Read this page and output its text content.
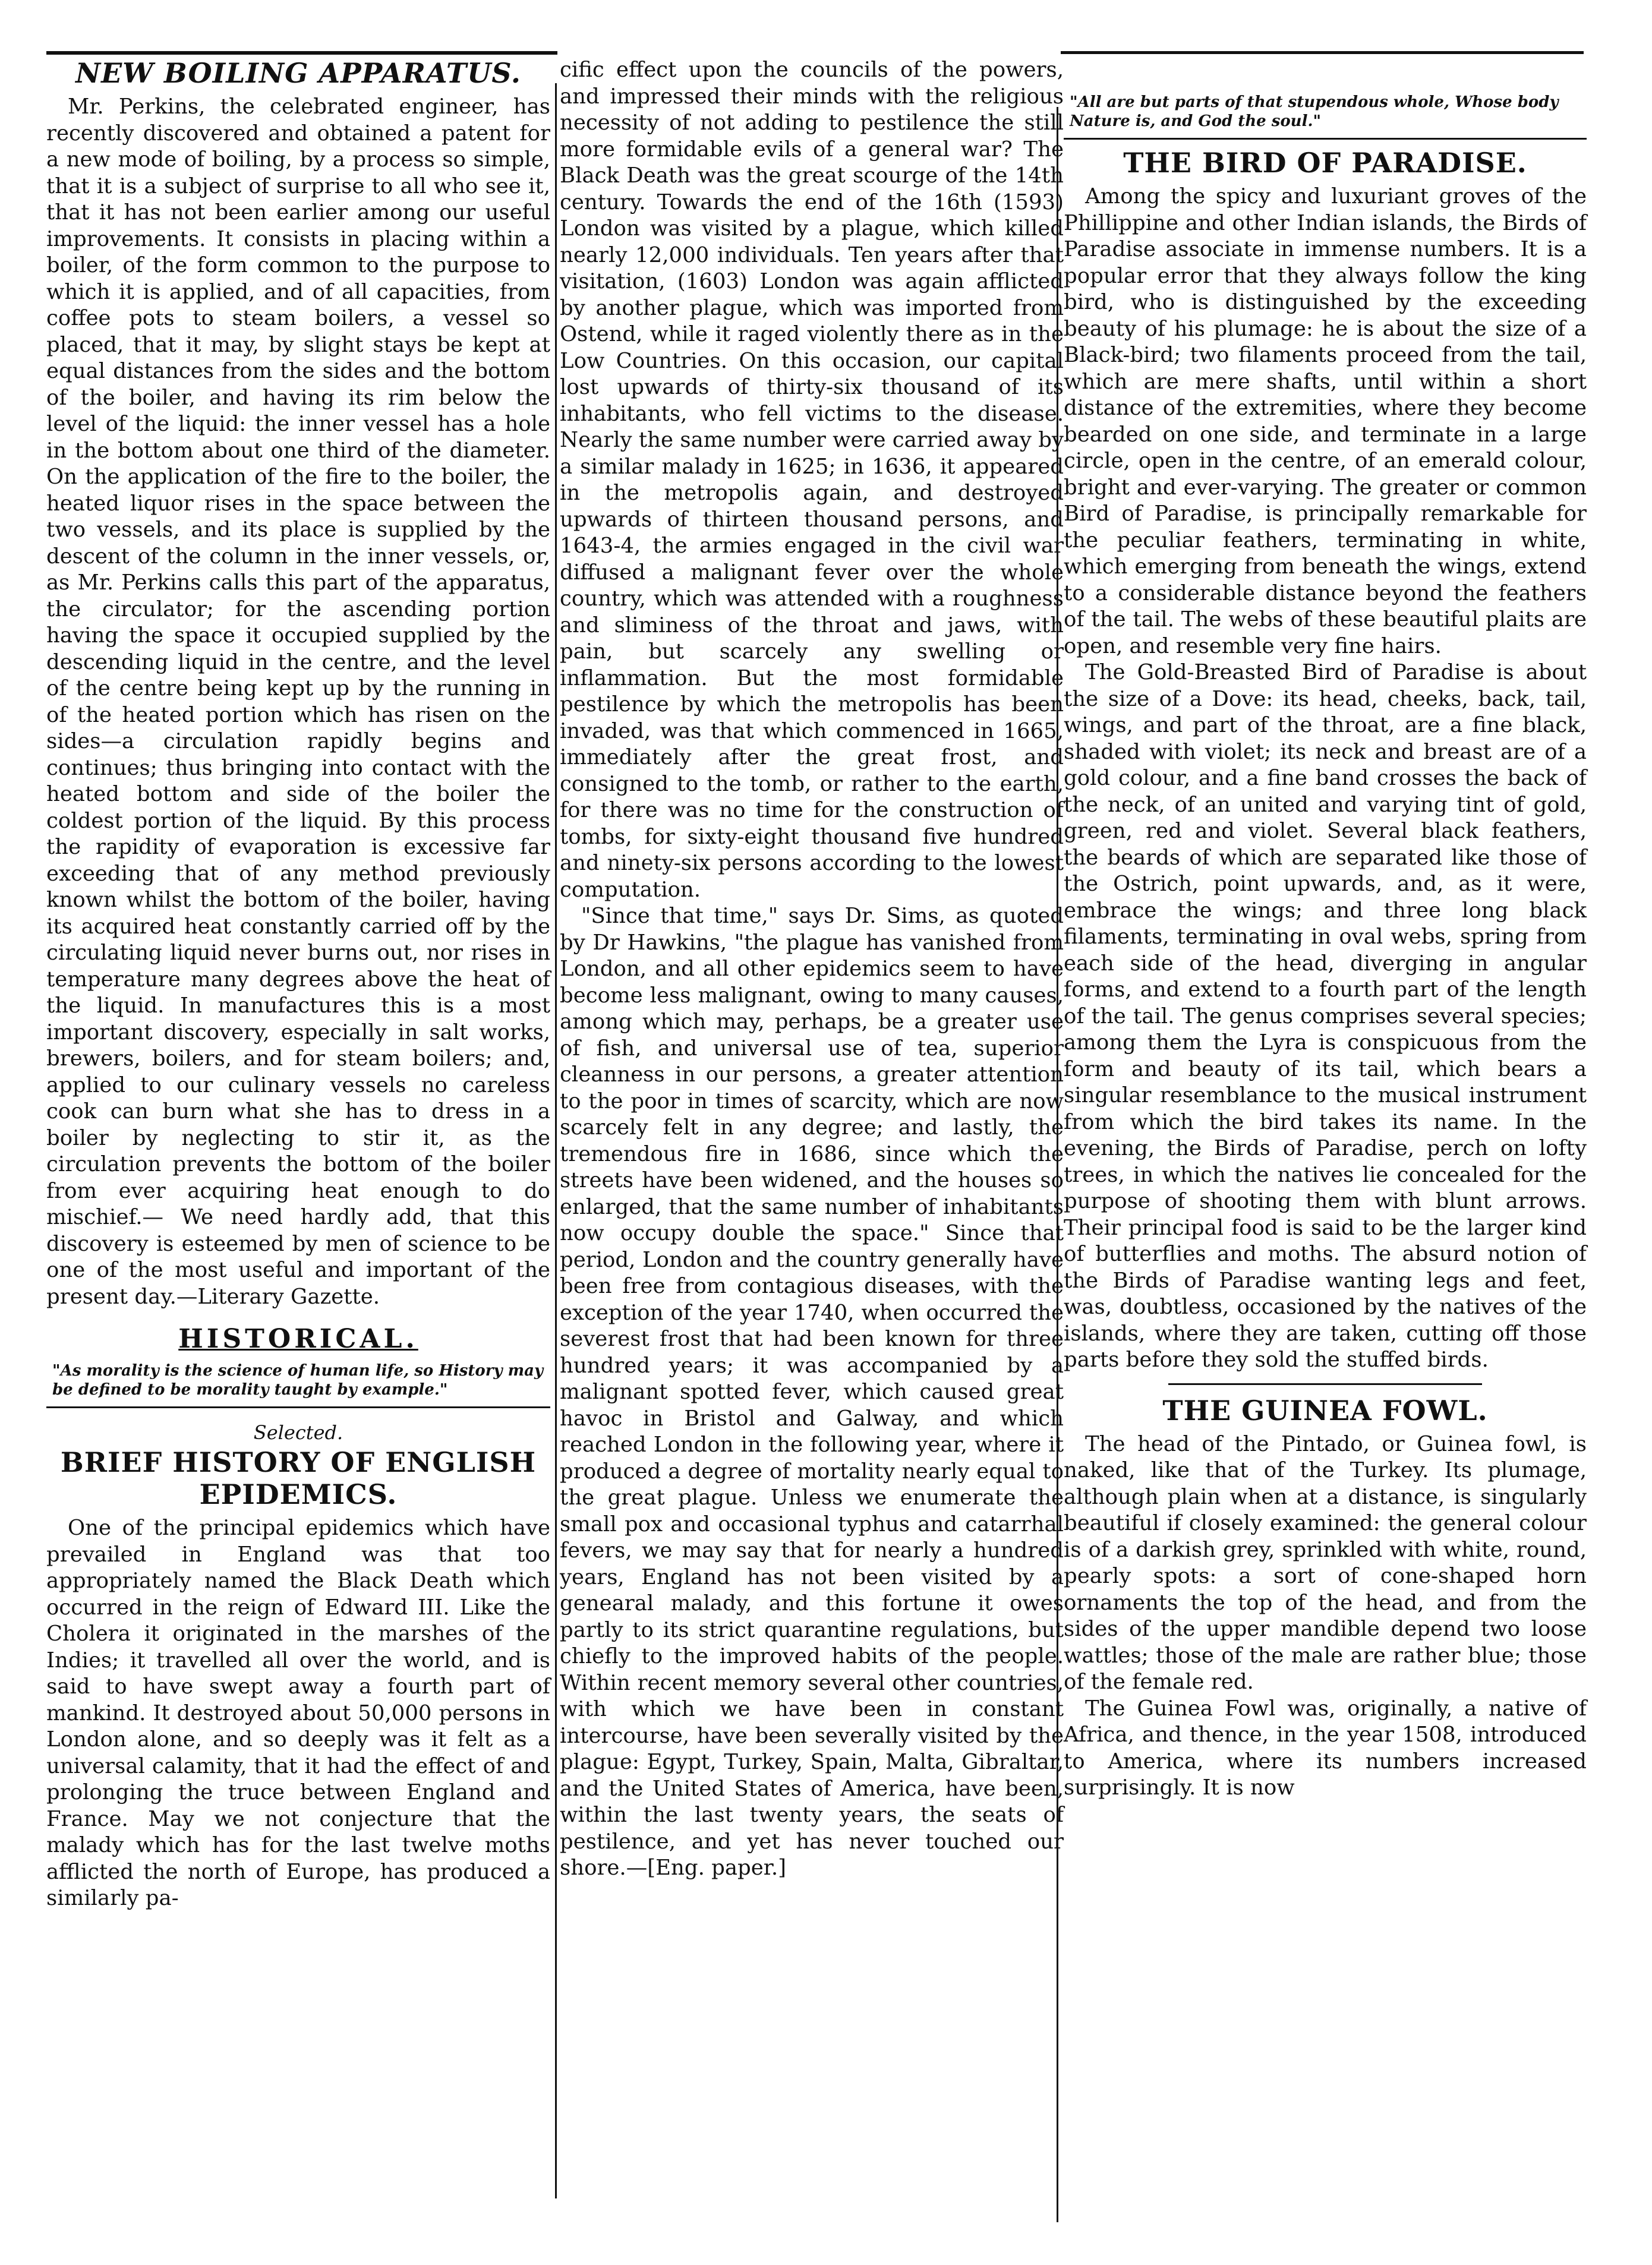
NEW BOILING APPARATUS.

Mr. Perkins, the celebrated engineer, has recently discovered and obtained a patent for a new mode of boiling, by a process so simple, that it is a subject of surprise to all who see it, that it has not been earlier among our useful improvements. It consists in placing within a boiler, of the form common to the purpose to which it is applied, and of all capacities, from coffee pots to steam boilers, a vessel so placed, that it may, by slight stays be kept at equal distances from the sides and the bottom of the boiler, and having its rim below the level of the liquid: the inner vessel has a hole in the bottom about one third of the diameter. On the application of the fire to the boiler, the heated liquor rises in the space between the two vessels, and its place is supplied by the descent of the column in the inner vessels, or, as Mr. Perkins calls this part of the apparatus, the circulator; for the ascending portion having the space it occupied supplied by the descending liquid in the centre, and the level of the centre being kept up by the running in of the heated portion which has risen on the sides—a circulation rapidly begins and continues; thus bringing into contact with the heated bottom and side of the boiler the coldest portion of the liquid. By this process the rapidity of evaporation is excessive far exceeding that of any method previously known whilst the bottom of the boiler, having its acquired heat constantly carried off by the circulating liquid never burns out, nor rises in temperature many degrees above the heat of the liquid. In manufactures this is a most important discovery, especially in salt works, brewers, boilers, and for steam boilers; and, applied to our culinary vessels no careless cook can burn what she has to dress in a boiler by neglecting to stir it, as the circulation prevents the bottom of the boiler from ever acquiring heat enough to do mischief.— We need hardly add, that this discovery is esteemed by men of science to be one of the most useful and important of the present day.—Literary Gazette.

HISTORICAL.
"As morality is the science of human life, so History may be defined to be morality taught by example."
Selected.
BRIEF HISTORY OF ENGLISH EPIDEMICS.

One of the principal epidemics which have prevailed in England was that too appropriately named the Black Death which occurred in the reign of Edward III. Like the Cholera it originated in the marshes of the Indies; it travelled all over the world, and is said to have swept away a fourth part of mankind. It destroyed about 50,000 persons in London alone, and so deeply was it felt as a universal calamity, that it had the effect of and prolonging the truce between England and France. May we not conjecture that the malady which has for the last twelve moths afflicted the north of Europe, has produced a similarly pa-

cific effect upon the councils of the powers, and impressed their minds with the religious necessity of not adding to pestilence the still more formidable evils of a general war? The Black Death was the great scourge of the 14th century. Towards the end of the 16th (1593) London was visited by a plague, which killed nearly 12,000 individuals. Ten years after that visitation, (1603) London was again afflicted by another plague, which was imported from Ostend, while it raged violently there as in the Low Countries. On this occasion, our capital lost upwards of thirty-six thousand of its inhabitants, who fell victims to the disease. Nearly the same number were carried away by a similar malady in 1625; in 1636, it appeared in the metropolis again, and destroyed upwards of thirteen thousand persons, and 1643-4, the armies engaged in the civil war diffused a malignant fever over the whole country, which was attended with a roughness and sliminess of the throat and jaws, with pain, but scarcely any swelling or inflammation. But the most formidable pestilence by which the metropolis has been invaded, was that which commenced in 1665, immediately after the great frost, and consigned to the tomb, or rather to the earth, for there was no time for the construction of tombs, for sixty-eight thousand five hundred and ninety-six persons according to the lowest computation.

"Since that time," says Dr. Sims, as quoted by Dr Hawkins, "the plague has vanished from London, and all other epidemics seem to have become less malignant, owing to many causes, among which may, perhaps, be a greater use of fish, and universal use of tea, superior cleanness in our persons, a greater attention to the poor in times of scarcity, which are now scarcely felt in any degree; and lastly, the tremendous fire in 1686, since which the streets have been widened, and the houses so enlarged, that the same number of inhabitants now occupy double the space." Since that period, London and the country generally have been free from contagious diseases, with the exception of the year 1740, when occurred the severest frost that had been known for three hundred years; it was accompanied by a malignant spotted fever, which caused great havoc in Bristol and Galway, and which reached London in the following year, where it produced a degree of mortality nearly equal to the great plague. Unless we enumerate the small pox and occasional typhus and catarrhal fevers, we may say that for nearly a hundred years, England has not been visited by a genearal malady, and this fortune it owes partly to its strict quarantine regulations, but chiefly to the improved habits of the people. Within recent memory several other countries, with which we have been in constant intercourse, have been severally visited by the plague: Egypt, Turkey, Spain, Malta, Gibraltar, and the United States of America, have been, within the last twenty years, the seats of pestilence, and yet has never touched our shore.—[Eng. paper.]

"All are but parts of that stupendous whole, Whose body Nature is, and God the soul."
THE BIRD OF PARADISE.

Among the spicy and luxuriant groves of the Phillippine and other Indian islands, the Birds of Paradise associate in immense numbers. It is a popular error that they always follow the king bird, who is distinguished by the exceeding beauty of his plumage: he is about the size of a Black-bird; two filaments proceed from the tail, which are mere shafts, until within a short distance of the extremities, where they become bearded on one side, and terminate in a large circle, open in the centre, of an emerald colour, bright and ever-varying. The greater or common Bird of Paradise, is principally remarkable for the peculiar feathers, terminating in white, which emerging from beneath the wings, extend to a considerable distance beyond the feathers of the tail. The webs of these beautiful plaits are open, and resemble very fine hairs.

The Gold-Breasted Bird of Paradise is about the size of a Dove: its head, cheeks, back, tail, wings, and part of the throat, are a fine black, shaded with violet; its neck and breast are of a gold colour, and a fine band crosses the back of the neck, of an united and varying tint of gold, green, red and violet. Several black feathers, the beards of which are separated like those of the Ostrich, point upwards, and, as it were, embrace the wings; and three long black filaments, terminating in oval webs, spring from each side of the head, diverging in angular forms, and extend to a fourth part of the length of the tail. The genus comprises several species; among them the Lyra is conspicuous from the form and beauty of its tail, which bears a singular resemblance to the musical instrument from which the bird takes its name. In the evening, the Birds of Paradise, perch on lofty trees, in which the natives lie concealed for the purpose of shooting them with blunt arrows. Their principal food is said to be the larger kind of butterflies and moths. The absurd notion of the Birds of Paradise wanting legs and feet, was, doubtless, occasioned by the natives of the islands, where they are taken, cutting off those parts before they sold the stuffed birds.

THE GUINEA FOWL.

The head of the Pintado, or Guinea fowl, is naked, like that of the Turkey. Its plumage, although plain when at a distance, is singularly beautiful if closely examined: the general colour is of a darkish grey, sprinkled with white, round, pearly spots: a sort of cone-shaped horn ornaments the top of the head, and from the sides of the upper mandible depend two loose wattles; those of the male are rather blue; those of the female red.

The Guinea Fowl was, originally, a native of Africa, and thence, in the year 1508, introduced to America, where its numbers increased surprisingly. It is now
